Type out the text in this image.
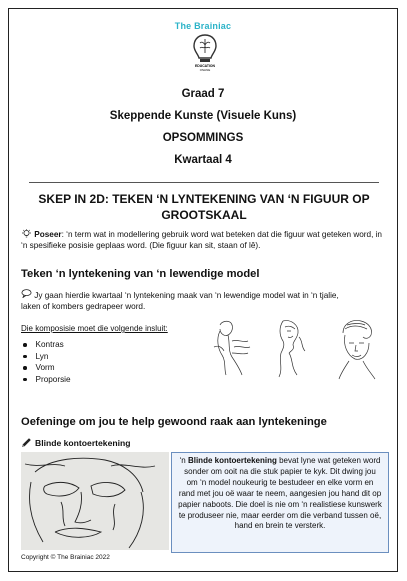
The Brainiac
EDUCATION
ONLINE
Graad 7
Skeppende Kunste (Visuele Kuns)
OPSOMMINGS
Kwartaal 4
SKEP IN 2D: TEKEN ‘N LYNTEKENING VAN ‘N FIGUUR OP GROOTSKAAL
Poseer: ‘n term wat in modellering gebruik word wat beteken dat die figuur wat geteken word, in ‘n spesifieke posisie geplaas word. (Die figuur kan sit, staan of lê).
Teken ‘n lyntekening van ‘n lewendige model
Jy gaan hierdie kwartaal ‘n lyntekening maak van ‘n lewendige model wat in ‘n tjalie, laken of kombers gedrapeer word.
Die komposisie moet die volgende insluit:
Kontras
Lyn
Vorm
Proporsie
Oefeninge om jou te help gewoond raak aan lyntekeninge
Blinde kontoertekening
‘n Blinde kontoertekening bevat lyne wat geteken word sonder om ooit na die stuk papier te kyk. Dit dwing jou om ‘n model noukeurig te bestudeer en elke vorm en rand met jou oë waar te neem, aangesien jou hand dit op papier naboots. Die doel is nie om ‘n realistiese kunswerk te produseer nie, maar eerder om die verband tussen oë, hand en brein te versterk.
Copyright © The Brainiac 2022
